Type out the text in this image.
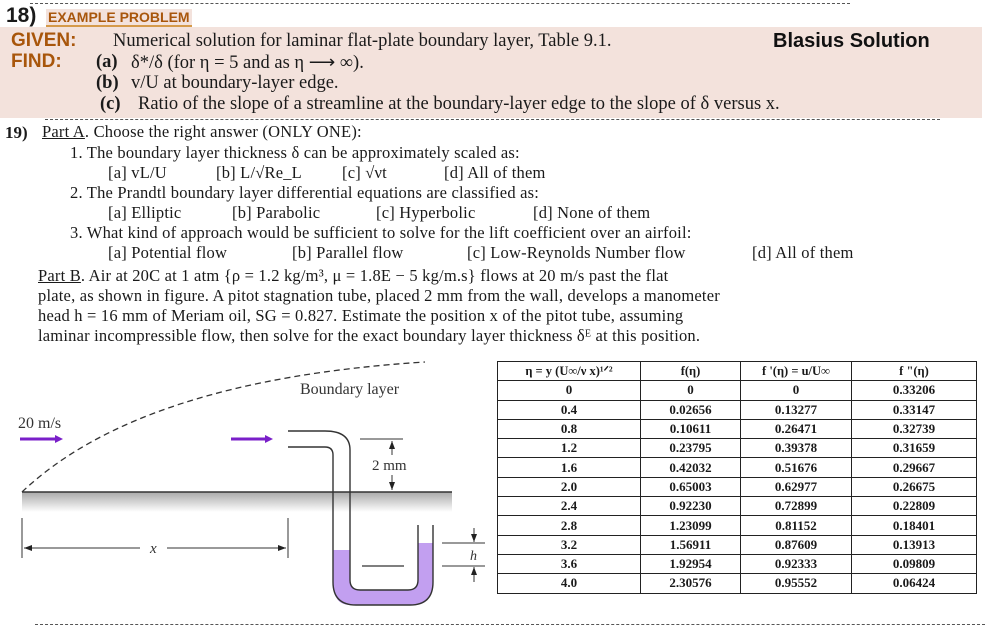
18) EXAMPLE PROBLEM
GIVEN: Numerical solution for laminar flat-plate boundary layer, Table 9.1.	Blasius Solution
FIND: (a) δ*/δ (for η = 5 and as η ⟶ ∞).
(b) v/U at boundary-layer edge.
(c) Ratio of the slope of a streamline at the boundary-layer edge to the slope of δ versus x.
19) Part A. Choose the right answer (ONLY ONE):
1. The boundary layer thickness δ can be approximately scaled as:
[a] vL/U	[b] L/√Re_L [c] √νt	[d] All of them
2. The Prandtl boundary layer differential equations are classified as:
[a] Elliptic	[b] Parabolic	[c] Hyperbolic	[d] None of them
3. What kind of approach would be sufficient to solve for the lift coefficient over an airfoil:
[a] Potential flow	[b] Parallel flow	[c] Low-Reynolds Number flow	[d] All of them
Part B. Air at 20C at 1 atm {ρ = 1.2 kg/m³, μ = 1.8E − 5 kg/m.s} flows at 20 m/s past the flat
plate, as shown in figure. A pitot stagnation tube, placed 2 mm from the wall, develops a manometer
head h = 16 mm of Meriam oil, SG = 0.827. Estimate the position x of the pitot tube, assuming
laminar incompressible flow, then solve for the exact boundary layer thickness δᴱ at this position.
Boundary layer
20 m/s
2 mm
x	h
η = y (U∞/ν x)¹ᐟ²	f(η)	f '(η) = u/U∞	f "(η)
0	0	0	0.33206
0.4	0.02656	0.13277	0.33147
0.8	0.10611	0.26471	0.32739
1.2	0.23795	0.39378	0.31659
1.6	0.42032	0.51676	0.29667
2.0	0.65003	0.62977	0.26675
2.4	0.92230	0.72899	0.22809
2.8	1.23099	0.81152	0.18401
3.2	1.56911	0.87609	0.13913
3.6	1.92954	0.92333	0.09809
4.0	2.30576	0.95552	0.06424
